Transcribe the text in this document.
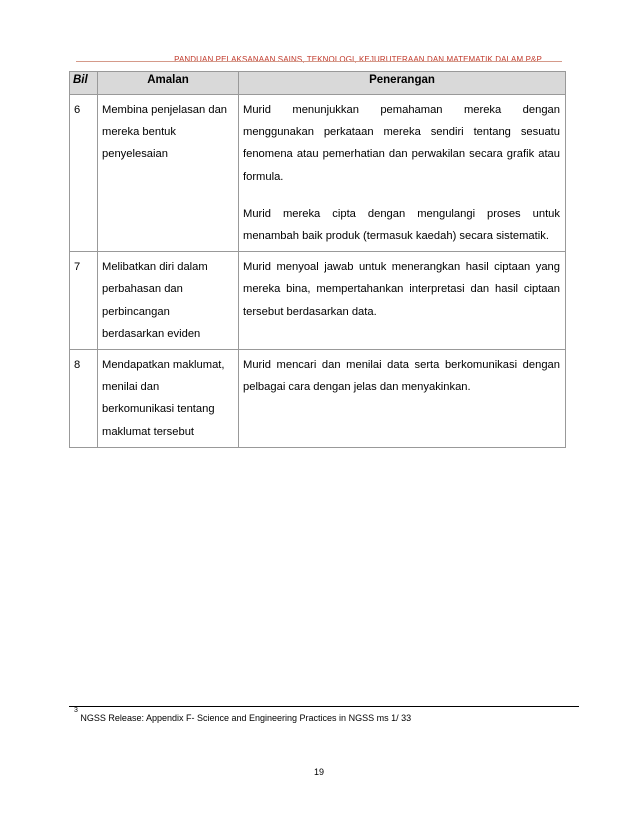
PANDUAN PELAKSANAAN SAINS, TEKNOLOGI, KEJURUTERAAN DAN MATEMATIK DALAM P&P
Bil	Amalan	Penerangan
6	Membina penjelasan dan mereka bentuk penyelesaian	Murid menunjukkan pemahaman mereka dengan menggunakan perkataan mereka sendiri tentang sesuatu fenomena atau pemerhatian dan perwakilan secara grafik atau formula.

Murid mereka cipta dengan mengulangi proses untuk menambah baik produk (termasuk kaedah) secara sistematik.

7	Melibatkan diri dalam perbahasan dan perbincangan berdasarkan eviden	Murid menyoal jawab untuk menerangkan hasil ciptaan yang mereka bina, mempertahankan interpretasi dan hasil ciptaan tersebut berdasarkan data.

8	Mendapatkan maklumat, menilai dan berkomunikasi tentang maklumat tersebut	Murid mencari dan menilai data serta berkomunikasi dengan pelbagai cara dengan jelas dan menyakinkan.

$^3$ NGSS Release: Appendix F- Science and Engineering Practices in NGSS ms 1/ 33
19
